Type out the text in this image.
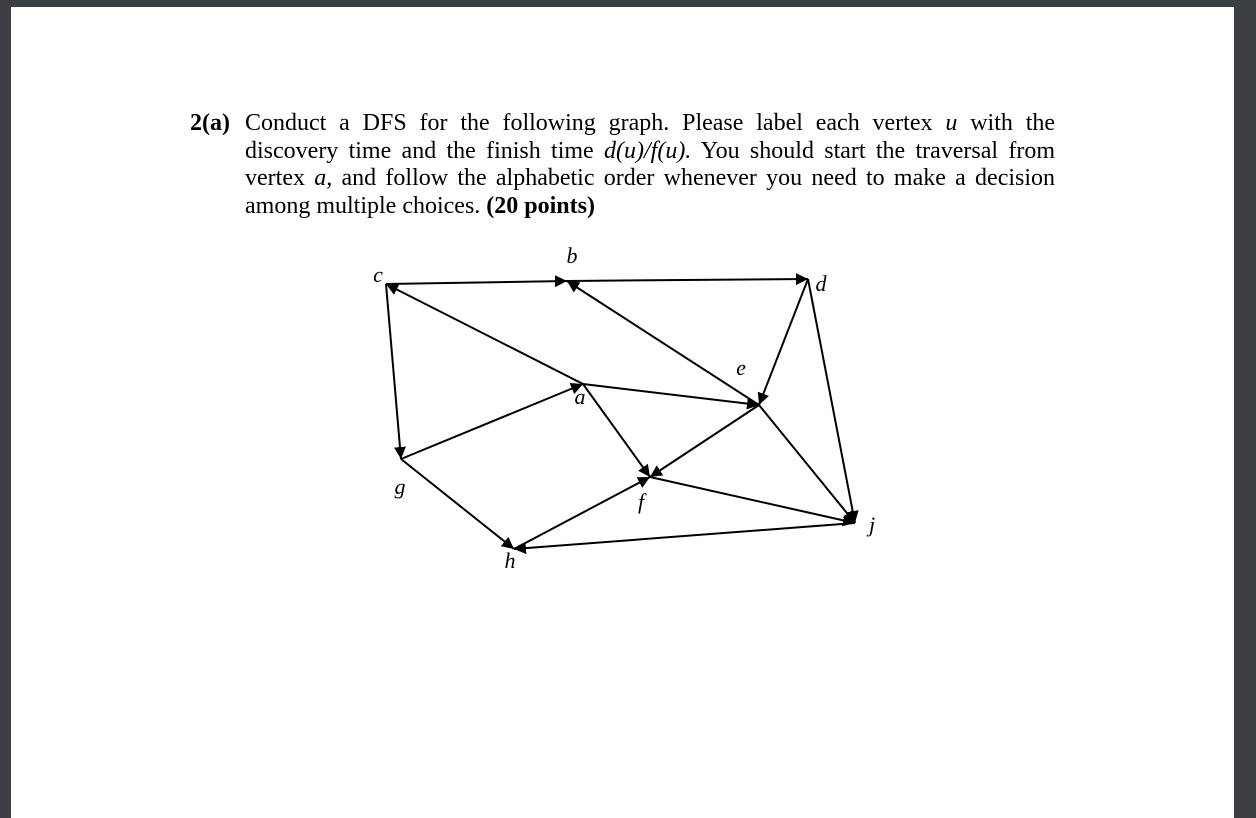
2(a) Conduct a DFS for the following graph. Please label each vertex u with the discovery time and the finish time d(u)/f(u). You should start the traversal from vertex a, and follow the alphabetic order whenever you need to make a decision among multiple choices. (20 points)
a
b
c	d
e
f
g
h
j
